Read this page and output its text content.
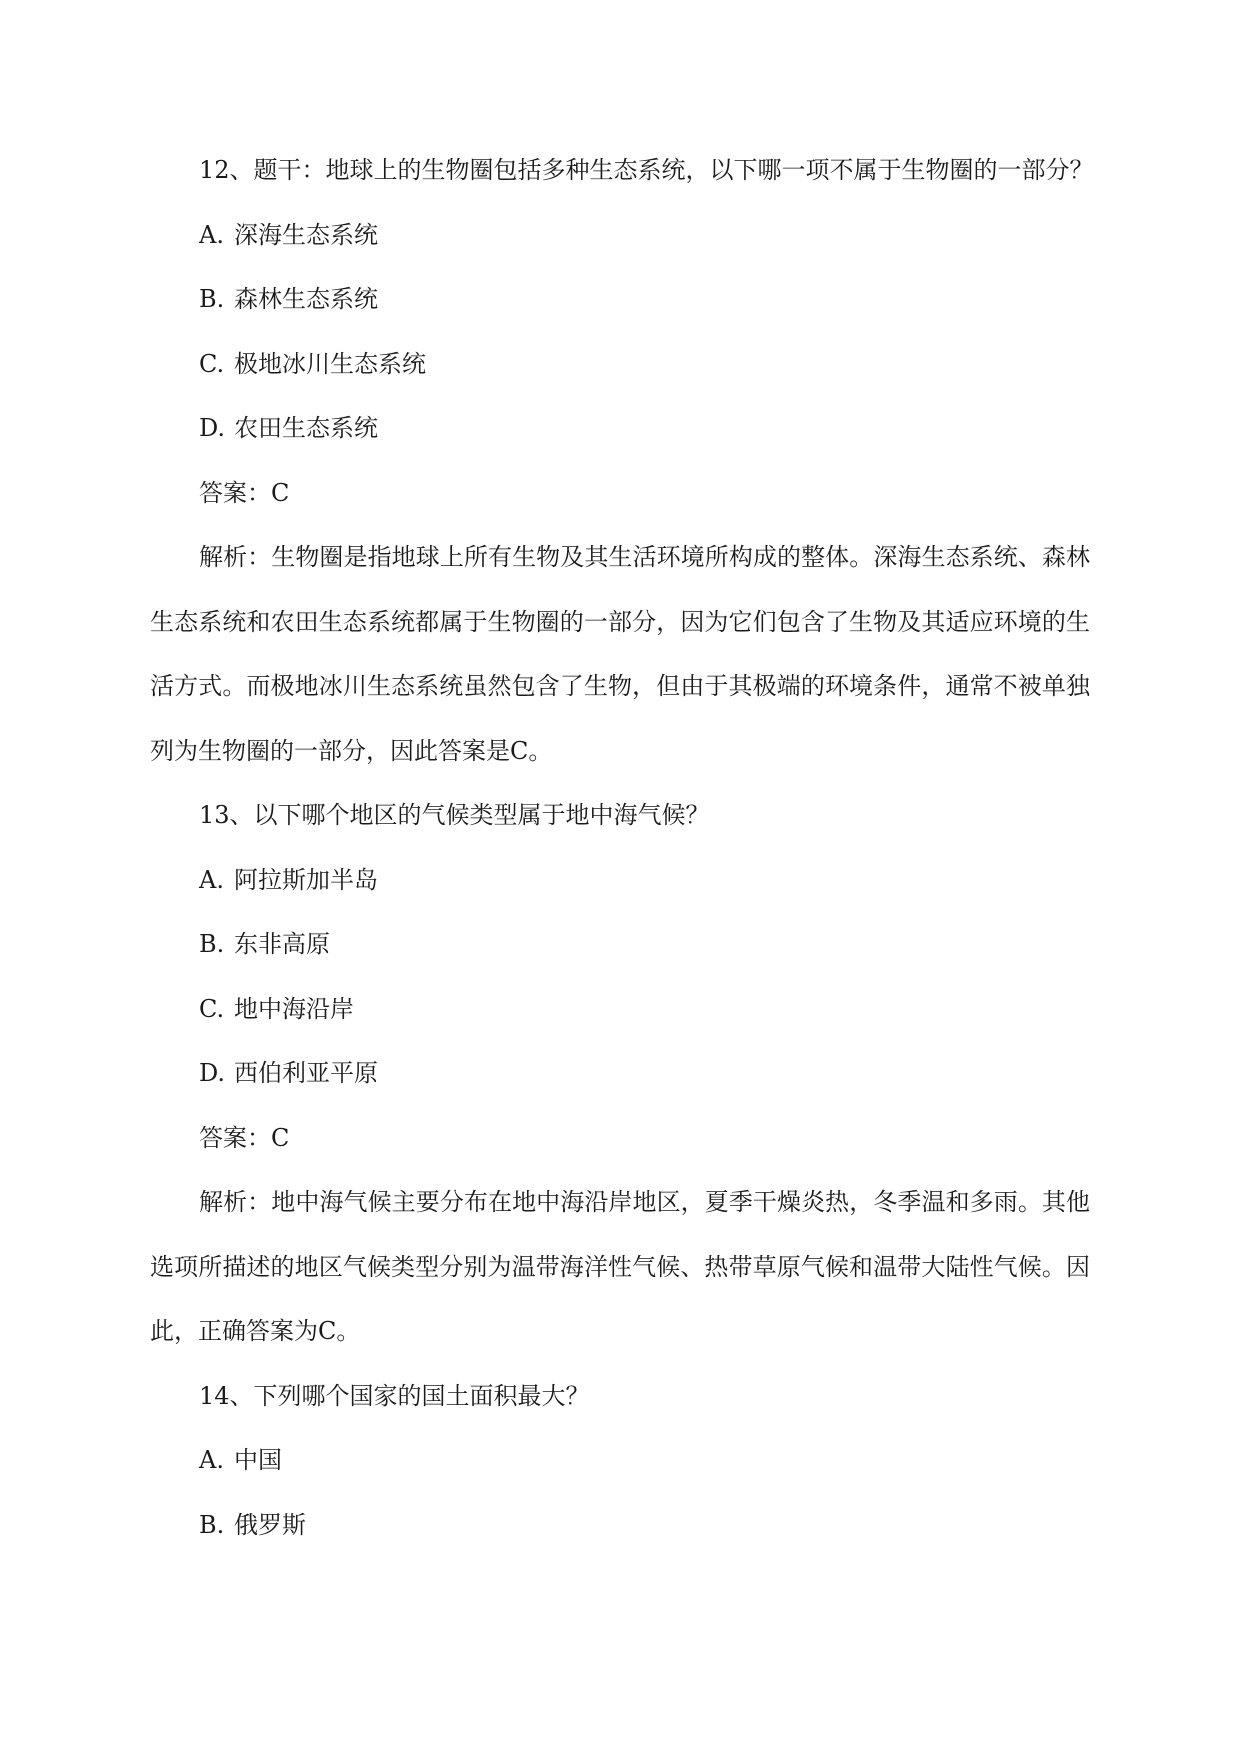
12、题干：地球上的生物圈包括多种生态系统，以下哪一项不属于生物圈的一部分？
A. 深海生态系统
B. 森林生态系统
C. 极地冰川生态系统
D. 农田生态系统
答案：C
解析：生物圈是指地球上所有生物及其生活环境所构成的整体。深海生态系统、森林生态系统和农田生态系统都属于生物圈的一部分，因为它们包含了生物及其适应环境的生活方式。而极地冰川生态系统虽然包含了生物，但由于其极端的环境条件，通常不被单独列为生物圈的一部分，因此答案是C。
13、以下哪个地区的气候类型属于地中海气候？
A. 阿拉斯加半岛
B. 东非高原
C. 地中海沿岸
D. 西伯利亚平原
答案：C
解析：地中海气候主要分布在地中海沿岸地区，夏季干燥炎热，冬季温和多雨。其他选项所描述的地区气候类型分别为温带海洋性气候、热带草原气候和温带大陆性气候。因此，正确答案为C。
14、下列哪个国家的国土面积最大？
A. 中国
B. 俄罗斯
